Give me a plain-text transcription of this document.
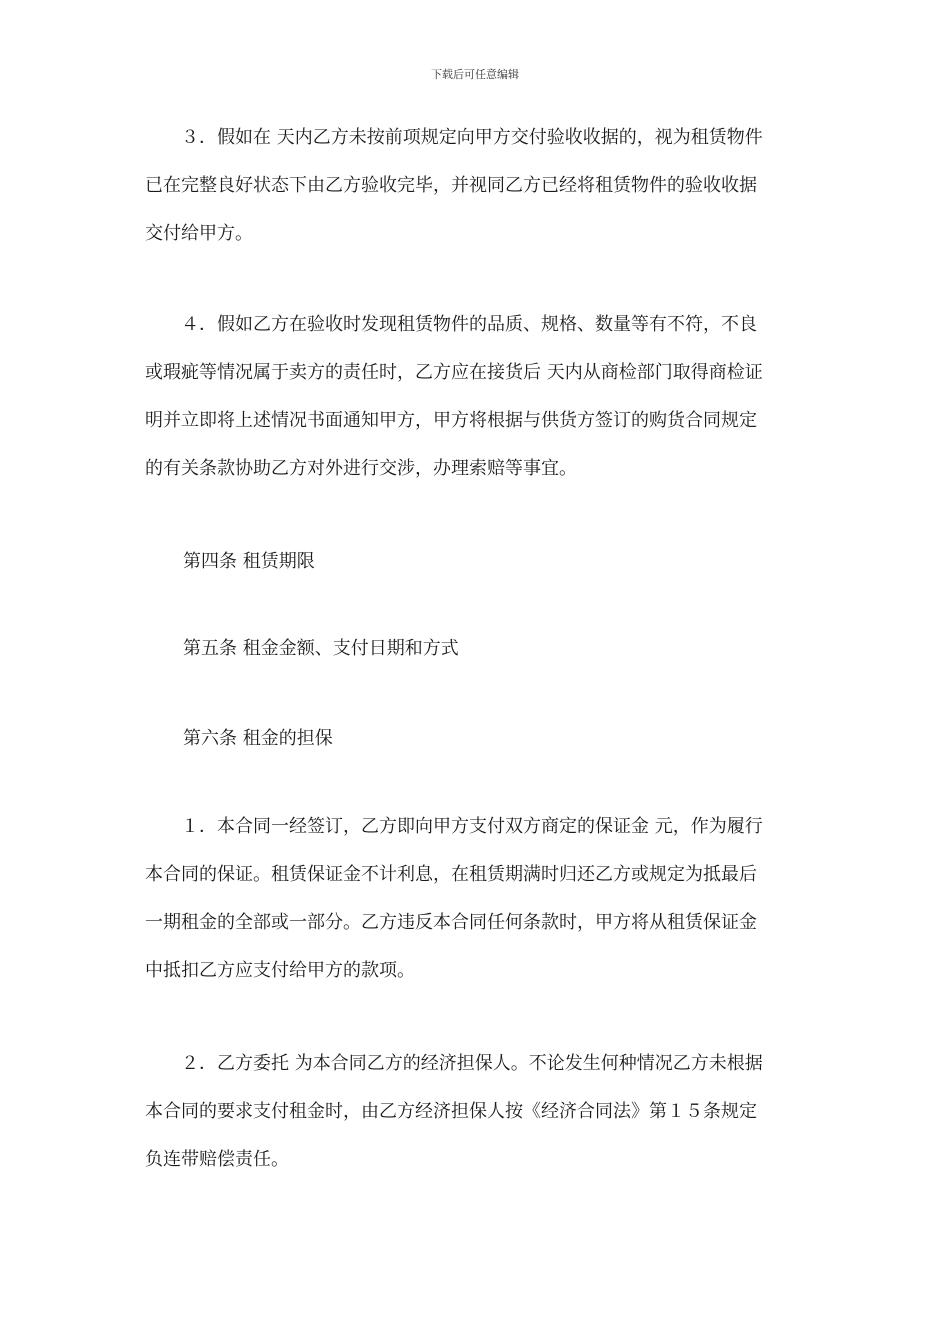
下载后可任意编辑

　　３．假如在 天内乙方未按前项规定向甲方交付验收收据的，视为租赁物件
已在完整良好状态下由乙方验收完毕，并视同乙方已经将租赁物件的验收收据
交付给甲方。

　　４．假如乙方在验收时发现租赁物件的品质、规格、数量等有不符，不良
或瑕疵等情况属于卖方的责任时，乙方应在接货后 天内从商检部门取得商检证
明并立即将上述情况书面通知甲方，甲方将根据与供货方签订的购货合同规定
的有关条款协助乙方对外进行交涉，办理索赔等事宜。

第四条 租赁期限

第五条 租金金额、支付日期和方式

第六条 租金的担保

　　１．本合同一经签订，乙方即向甲方支付双方商定的保证金 元，作为履行
本合同的保证。租赁保证金不计利息，在租赁期满时归还乙方或规定为抵最后
一期租金的全部或一部分。乙方违反本合同任何条款时，甲方将从租赁保证金
中抵扣乙方应支付给甲方的款项。

　　２．乙方委托 为本合同乙方的经济担保人。不论发生何种情况乙方未根据
本合同的要求支付租金时，由乙方经济担保人按《经济合同法》第１５条规定
负连带赔偿责任。
